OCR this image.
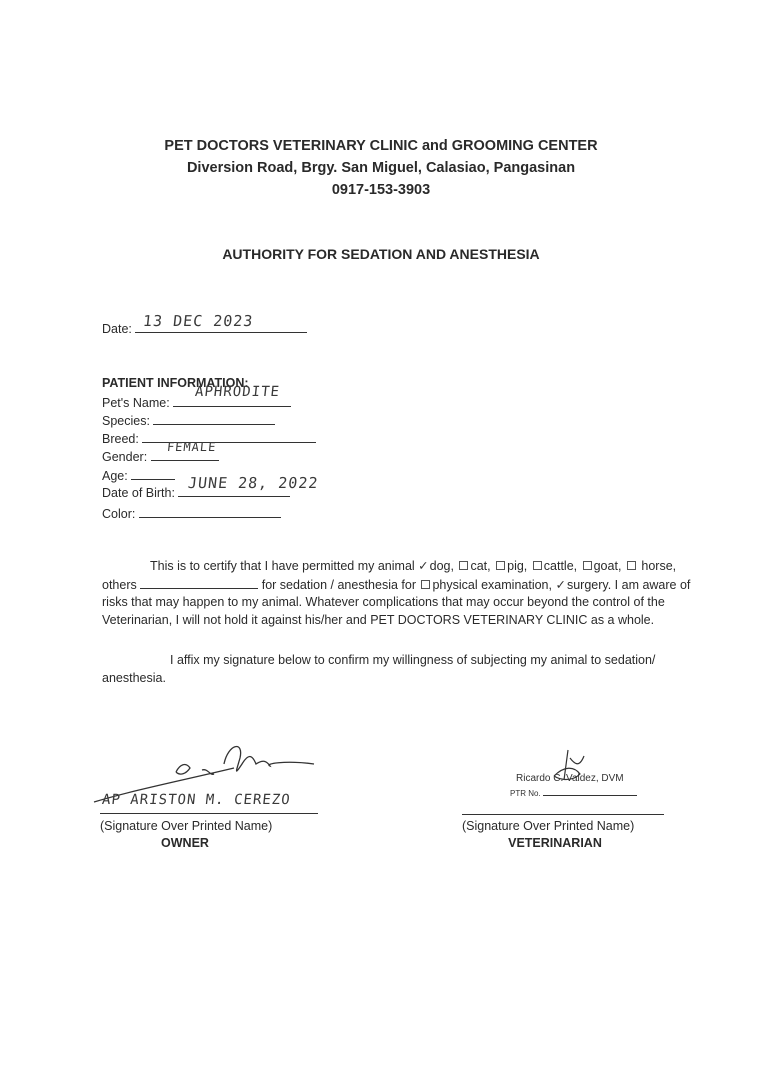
PET DOCTORS VETERINARY CLINIC and GROOMING CENTER
Diversion Road, Brgy. San Miguel, Calasiao, Pangasinan
0917-153-3903
AUTHORITY FOR SEDATION AND ANESTHESIA
Date: 13 DEC 2023
PATIENT INFORMATION:
Pet's Name:
APHRODITE
Species:
Breed:
Gender:
FEMALE
Age:
Date of Birth:
JUNE 28, 2022
Color:
This is to certify that I have permitted my animal ✓dog, cat, pig, cattle, goat, horse, others	for sedation / anesthesia for physical examination, ✓surgery. I am aware of risks that may happen to my animal. Whatever complications that may occur beyond the control of the Veterinarian, I will not hold it against his/her and PET DOCTORS VETERINARY CLINIC as a whole.
I affix my signature below to confirm my willingness of subjecting my animal to sedation/ anesthesia.
AP ARISTON M. CEREZO
(Signature Over Printed Name)
OWNER
Ricardo C. Valdez, DVM
PTR No.
(Signature Over Printed Name)
VETERINARIAN
